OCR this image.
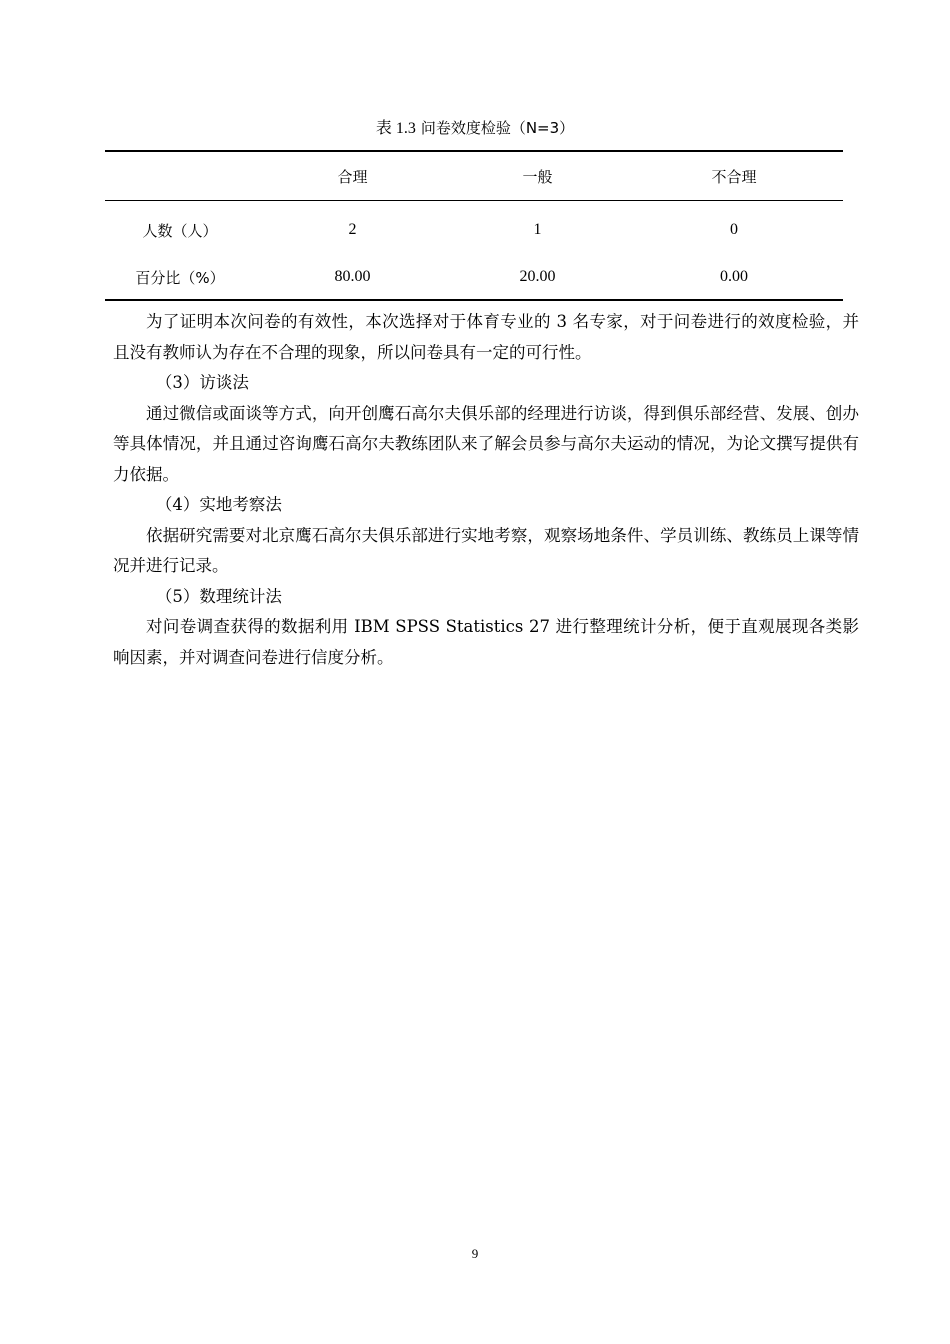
表 1.3 问卷效度检验（N=3）
	合理	一般	不合理
人数（人）	2	1	0
百分比（%）	80.00	20.00	0.00

为了证明本次问卷的有效性，本次选择对于体育专业的 3 名专家，对于问卷进行的效度检验，并且没有教师认为存在不合理的现象，所以问卷具有一定的可行性。

（3）访谈法

通过微信或面谈等方式，向开创鹰石高尔夫俱乐部的经理进行访谈，得到俱乐部经营、发展、创办等具体情况，并且通过咨询鹰石高尔夫教练团队来了解会员参与高尔夫运动的情况，为论文撰写提供有力依据。

（4）实地考察法

依据研究需要对北京鹰石高尔夫俱乐部进行实地考察，观察场地条件、学员训练、教练员上课等情况并进行记录。

（5）数理统计法

对问卷调查获得的数据利用 IBM SPSS Statistics 27 进行整理统计分析，便于直观展现各类影响因素，并对调查问卷进行信度分析。

9
